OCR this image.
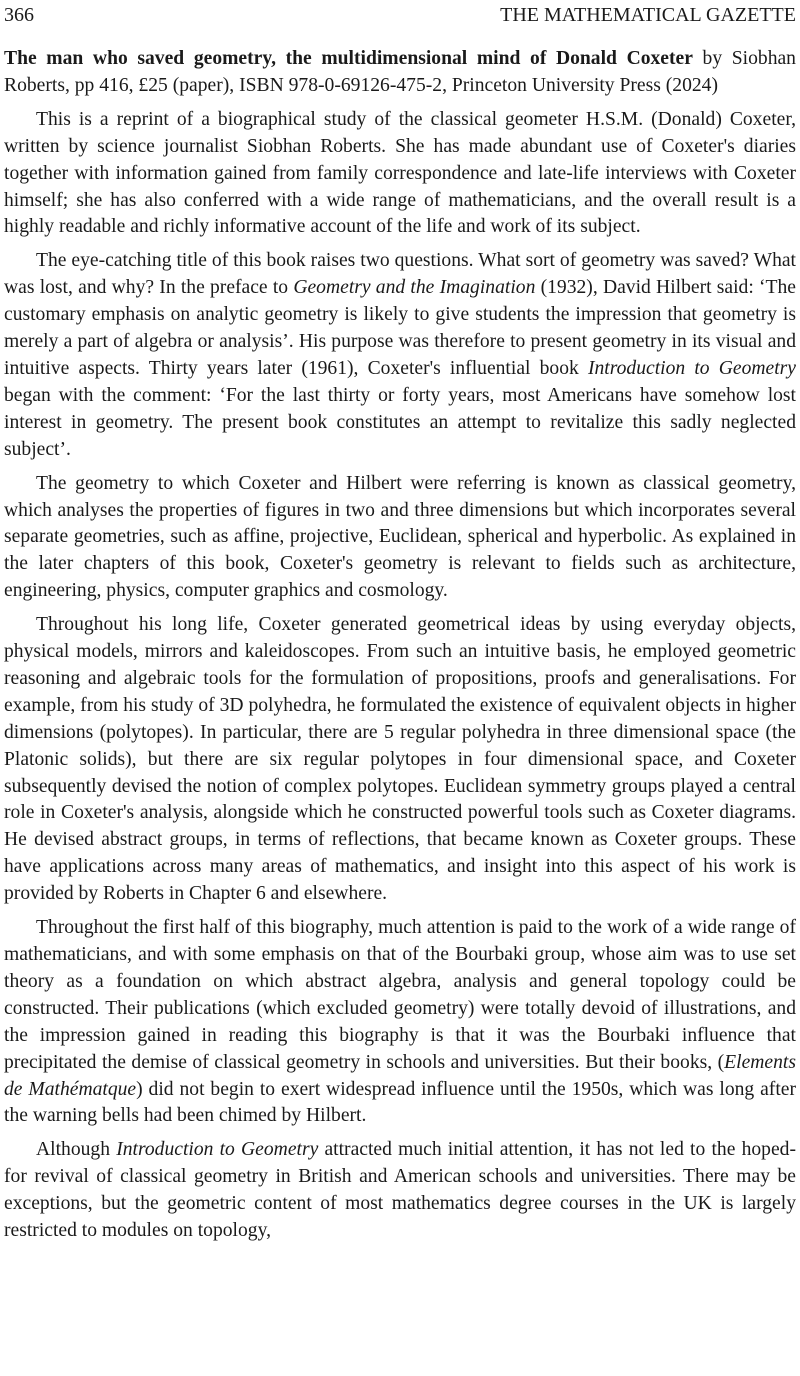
366	THE MATHEMATICAL GAZETTE

The man who saved geometry, the multidimensional mind of Donald Coxeter by Siobhan Roberts, pp 416, £25 (paper), ISBN 978-0-69126-475-2, Princeton University Press (2024)

This is a reprint of a biographical study of the classical geometer H.S.M. (Donald) Coxeter, written by science journalist Siobhan Roberts. She has made abundant use of Coxeter's diaries together with information gained from family correspondence and late-life interviews with Coxeter himself; she has also conferred with a wide range of mathematicians, and the overall result is a highly readable and richly informative account of the life and work of its subject.

The eye-catching title of this book raises two questions. What sort of geometry was saved? What was lost, and why? In the preface to Geometry and the Imagination (1932), David Hilbert said: ‘The customary emphasis on analytic geometry is likely to give students the impression that geometry is merely a part of algebra or analysis’. His purpose was therefore to present geometry in its visual and intuitive aspects. Thirty years later (1961), Coxeter's influential book Introduction to Geometry began with the comment: ‘For the last thirty or forty years, most Americans have somehow lost interest in geometry. The present book constitutes an attempt to revitalize this sadly neglected subject’.

The geometry to which Coxeter and Hilbert were referring is known as classical geometry, which analyses the properties of figures in two and three dimensions but which incorporates several separate geometries, such as affine, projective, Euclidean, spherical and hyperbolic. As explained in the later chapters of this book, Coxeter's geometry is relevant to fields such as architecture, engineering, physics, computer graphics and cosmology.

Throughout his long life, Coxeter generated geometrical ideas by using everyday objects, physical models, mirrors and kaleidoscopes. From such an intuitive basis, he employed geometric reasoning and algebraic tools for the formulation of propositions, proofs and generalisations. For example, from his study of 3D polyhedra, he formulated the existence of equivalent objects in higher dimensions (polytopes). In particular, there are 5 regular polyhedra in three dimensional space (the Platonic solids), but there are six regular polytopes in four dimensional space, and Coxeter subsequently devised the notion of complex polytopes. Euclidean symmetry groups played a central role in Coxeter's analysis, alongside which he constructed powerful tools such as Coxeter diagrams. He devised abstract groups, in terms of reflections, that became known as Coxeter groups. These have applications across many areas of mathematics, and insight into this aspect of his work is provided by Roberts in Chapter 6 and elsewhere.

Throughout the first half of this biography, much attention is paid to the work of a wide range of mathematicians, and with some emphasis on that of the Bourbaki group, whose aim was to use set theory as a foundation on which abstract algebra, analysis and general topology could be constructed. Their publications (which excluded geometry) were totally devoid of illustrations, and the impression gained in reading this biography is that it was the Bourbaki influence that precipitated the demise of classical geometry in schools and universities. But their books, (Elements de Mathématque) did not begin to exert widespread influence until the 1950s, which was long after the warning bells had been chimed by Hilbert.

Although Introduction to Geometry attracted much initial attention, it has not led to the hoped-for revival of classical geometry in British and American schools and universities. There may be exceptions, but the geometric content of most mathematics degree courses in the UK is largely restricted to modules on topology,
